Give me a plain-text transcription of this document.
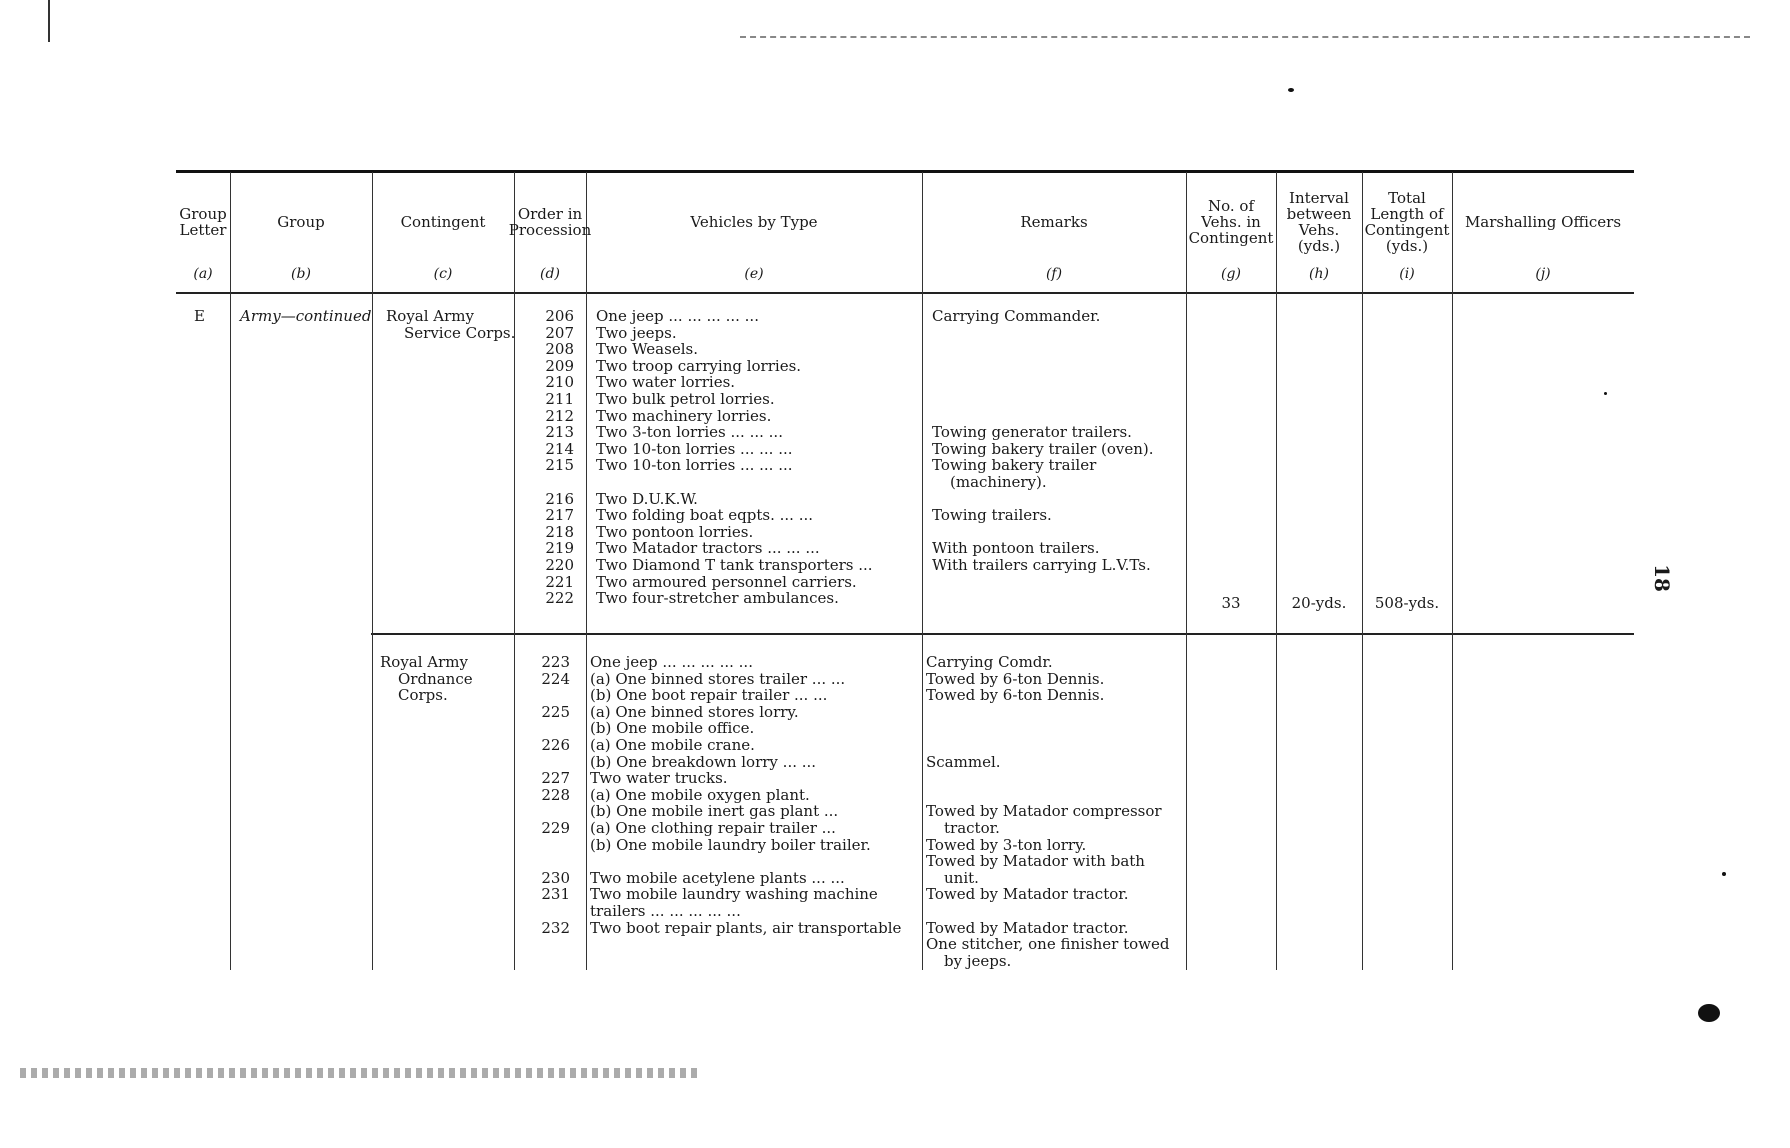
18
Group Letter
(a)
Group
(b)
Contingent
(c)
Order in Procession
(d)
Vehicles by Type
(e)
Remarks
(f)
No. of Vehs. in Contingent
(g)
Interval between Vehs. (yds.)
(h)
Total Length of Contingent (yds.)
(i)
Marshalling Officers
(j)
E Army—continued Royal Army
Service Corps.
206
207
208
209
210
211
212
213
214
215
216
217
218
219
220
221
222
One jeep ... ... ... ... ...
Two jeeps.
Two Weasels.
Two troop carrying lorries.
Two water lorries.
Two bulk petrol lorries.
Two machinery lorries.
Two 3-ton lorries ... ... ...
Two 10-ton lorries ... ... ...
Two 10-ton lorries ... ... ...
Two D.U.K.W.
Two folding boat eqpts. ... ...
Two pontoon lorries.
Two Matador tractors ... ... ...
Two Diamond T tank transporters ...
Two armoured personnel carriers.
Two four-stretcher ambulances.
Carrying Commander.
Towing generator trailers.
Towing bakery trailer (oven).
Towing bakery trailer
(machinery).
Towing trailers.
With pontoon trailers.
With trailers carrying L.V.Ts.
33	20-yds.	508-yds.
Royal Army
Ordnance
Corps.
223
224
225
226
227
228
229
230
231
232
One jeep ... ... ... ... ...
(a) One binned stores trailer ... ...
(b) One boot repair trailer ... ...
(a) One binned stores lorry.
(b) One mobile office.
(a) One mobile crane.
(b) One breakdown lorry ... ...
Two water trucks.
(a) One mobile oxygen plant.
(b) One mobile inert gas plant ...
(a) One clothing repair trailer ...
(b) One mobile laundry boiler trailer.
Two mobile acetylene plants ... ...
Two mobile laundry washing machine
trailers ... ... ... ... ...
Two boot repair plants, air transportable
Carrying Comdr.
Towed by 6-ton Dennis.
Towed by 6-ton Dennis.
Scammel.
Towed by Matador compressor
tractor.
Towed by 3-ton lorry.
Towed by Matador with bath
unit.
Towed by Matador tractor.
Towed by Matador tractor.
One stitcher, one finisher towed
by jeeps.
